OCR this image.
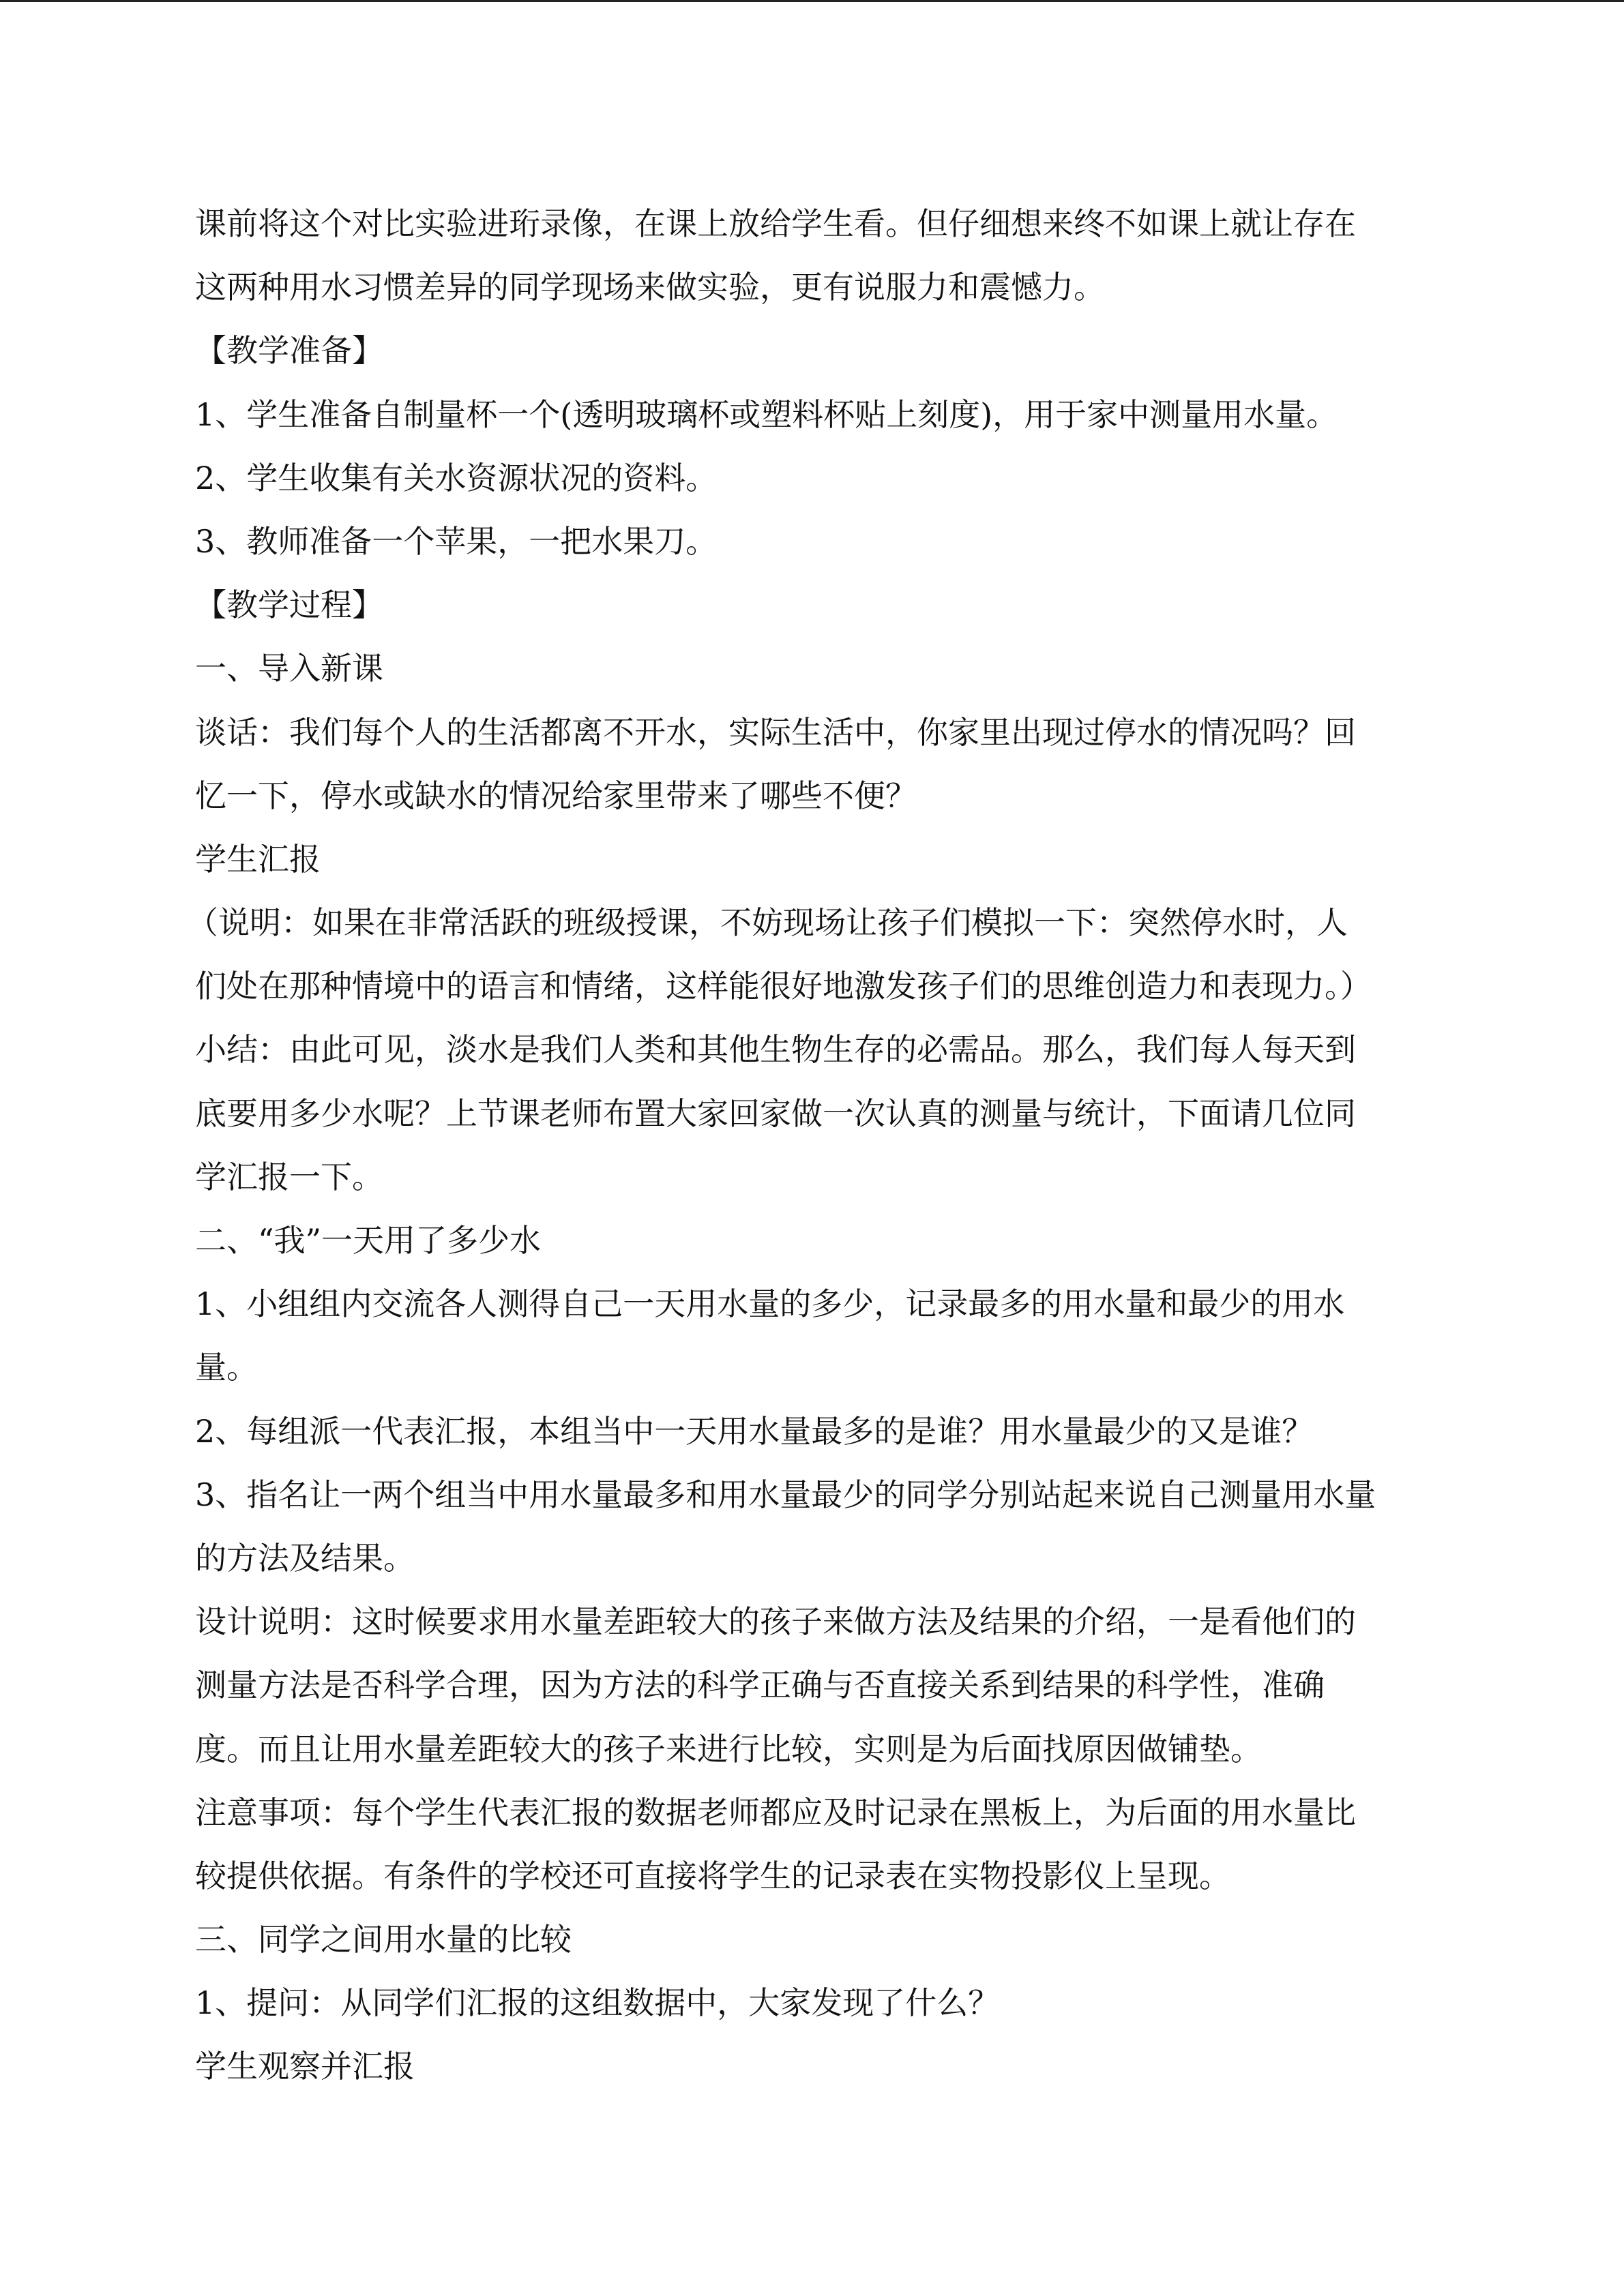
课前将这个对比实验进珩录像，在课上放给学生看。但仔细想来终不如课上就让存在

这两种用水习惯差异的同学现场来做实验，更有说服力和震憾力。

【教学准备】

1、学生准备自制量杯一个(透明玻璃杯或塑料杯贴上刻度)，用于家中测量用水量。

2、学生收集有关水资源状况的资料。

3、教师准备一个苹果，一把水果刀。

【教学过程】

一、导入新课

谈话：我们每个人的生活都离不开水，实际生活中，你家里出现过停水的情况吗？回

忆一下，停水或缺水的情况给家里带来了哪些不便？

学生汇报

（说明：如果在非常活跃的班级授课，不妨现场让孩子们模拟一下：突然停水时，人

们处在那种情境中的语言和情绪，这样能很好地激发孩子们的思维创造力和表现力。）

小结：由此可见，淡水是我们人类和其他生物生存的必需品。那么，我们每人每天到

底要用多少水呢？上节课老师布置大家回家做一次认真的测量与统计，下面请几位同

学汇报一下。

二、“我”一天用了多少水

1、小组组内交流各人测得自己一天用水量的多少，记录最多的用水量和最少的用水

量。

2、每组派一代表汇报，本组当中一天用水量最多的是谁？用水量最少的又是谁？

3、指名让一两个组当中用水量最多和用水量最少的同学分别站起来说自己测量用水量

的方法及结果。

设计说明：这时候要求用水量差距较大的孩子来做方法及结果的介绍，一是看他们的

测量方法是否科学合理，因为方法的科学正确与否直接关系到结果的科学性，准确

度。而且让用水量差距较大的孩子来进行比较，实则是为后面找原因做铺垫。

注意事项：每个学生代表汇报的数据老师都应及时记录在黑板上，为后面的用水量比

较提供依据。有条件的学校还可直接将学生的记录表在实物投影仪上呈现。

三、同学之间用水量的比较

1、提问：从同学们汇报的这组数据中，大家发现了什么？

学生观察并汇报
